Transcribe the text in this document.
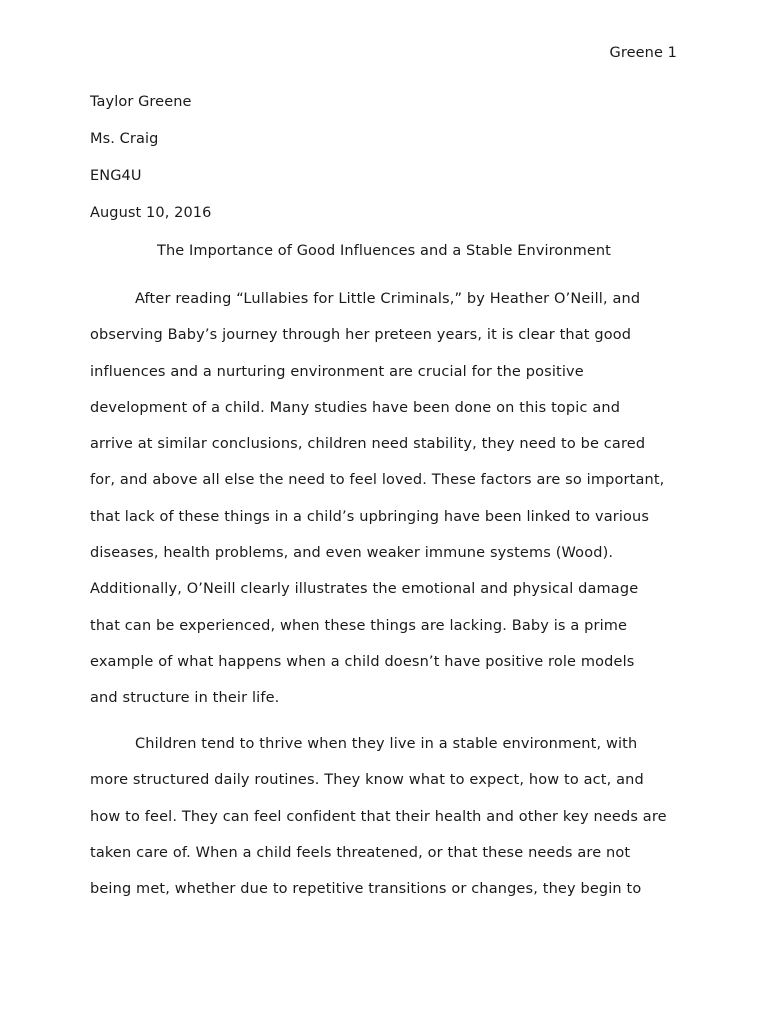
Greene 1
Taylor Greene
Ms. Craig
ENG4U
August 10, 2016
The Importance of Good Influences and a Stable Environment
After reading “Lullabies for Little Criminals,” by Heather O’Neill, and
observing Baby’s journey through her preteen years, it is clear that good
influences and a nurturing environment are crucial for the positive
development of a child. Many studies have been done on this topic and
arrive at similar conclusions, children need stability, they need to be cared
for, and above all else the need to feel loved. These factors are so important,
that lack of these things in a child’s upbringing have been linked to various
diseases, health problems, and even weaker immune systems (Wood).
Additionally, O’Neill clearly illustrates the emotional and physical damage
that can be experienced, when these things are lacking. Baby is a prime
example of what happens when a child doesn’t have positive role models
and structure in their life.
Children tend to thrive when they live in a stable environment, with
more structured daily routines. They know what to expect, how to act, and
how to feel. They can feel confident that their health and other key needs are
taken care of. When a child feels threatened, or that these needs are not
being met, whether due to repetitive transitions or changes, they begin to
